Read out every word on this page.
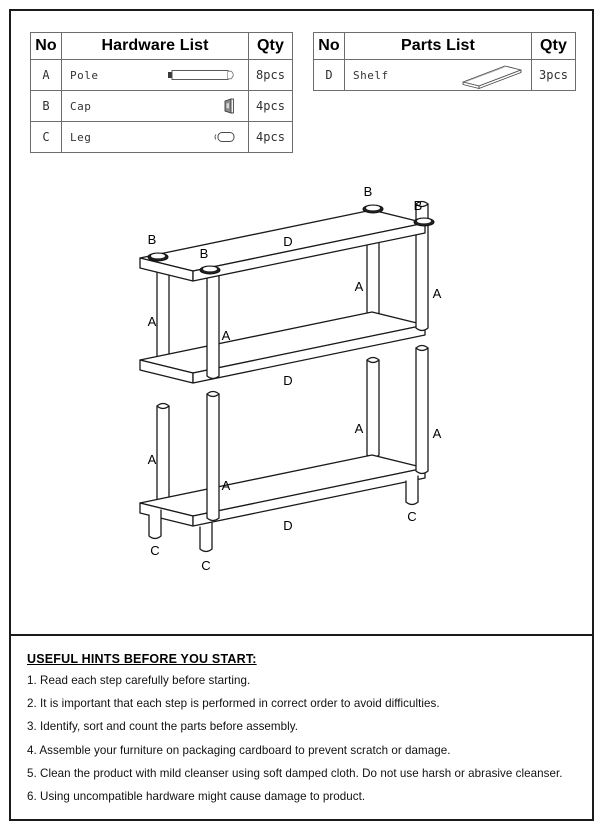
No	Hardware List	Qty
A	Pole	8pcs
B	Cap	4pcs
C	Leg	4pcs
No	Parts List	Qty
D	Shelf	3pcs
B
B
B
B
D
D
D
A
A
A	A
A
A
A	A
C
C
C
USEFUL HINTS BEFORE YOU START:

1. Read each step carefully before starting.

2. It is important that each step is performed in correct order to avoid difficulties.

3. Identify, sort and count the parts before assembly.

4. Assemble your furniture on packaging cardboard to prevent scratch or damage.

5. Clean the product with mild cleanser using soft damped cloth. Do not use harsh or abrasive cleanser.

6. Using uncompatible hardware might cause damage to product.
